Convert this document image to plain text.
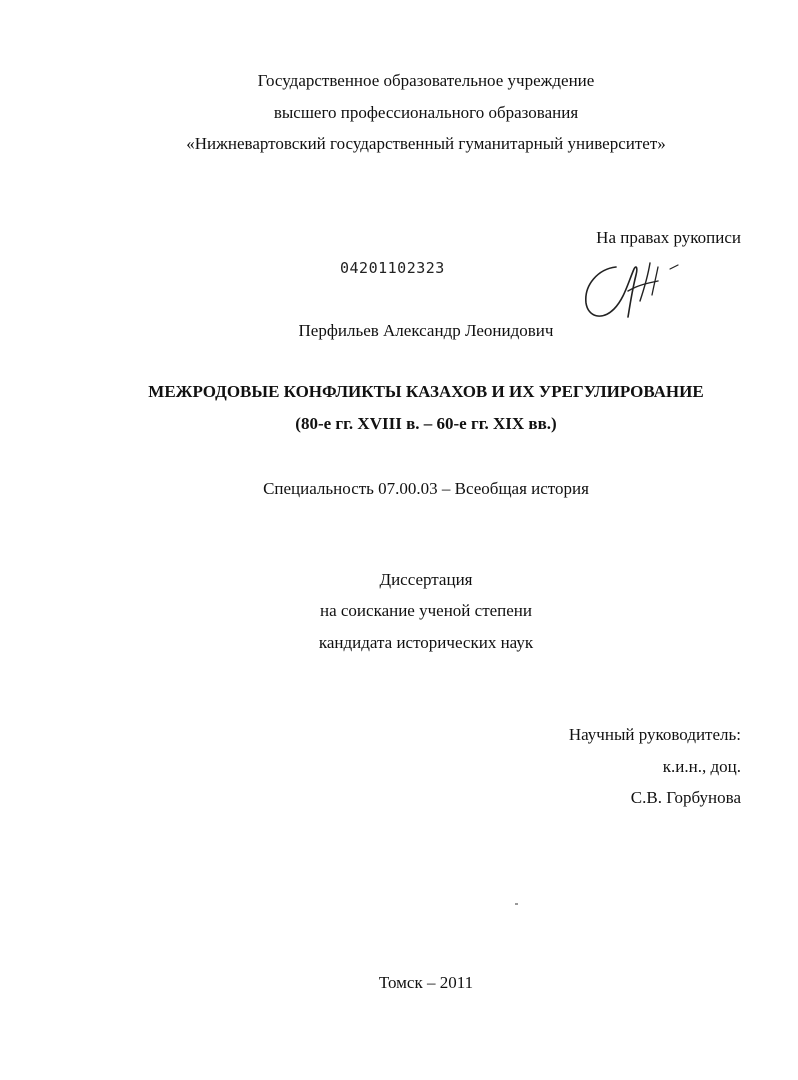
Государственное образовательное учреждение
высшего профессионального образования
«Нижневартовский государственный гуманитарный университет»
На правах рукописи
04201102323
Перфильев Александр Леонидович
МЕЖРОДОВЫЕ КОНФЛИКТЫ КАЗАХОВ И ИХ УРЕГУЛИРОВАНИЕ
(80-е гг. XVIII в. – 60-е гг. XIX вв.)
Специальность 07.00.03 – Всеобщая история
Диссертация
на соискание ученой степени
кандидата исторических наук
Научный руководитель:
к.и.н., доц.
С.В. Горбунова
Томск – 2011
